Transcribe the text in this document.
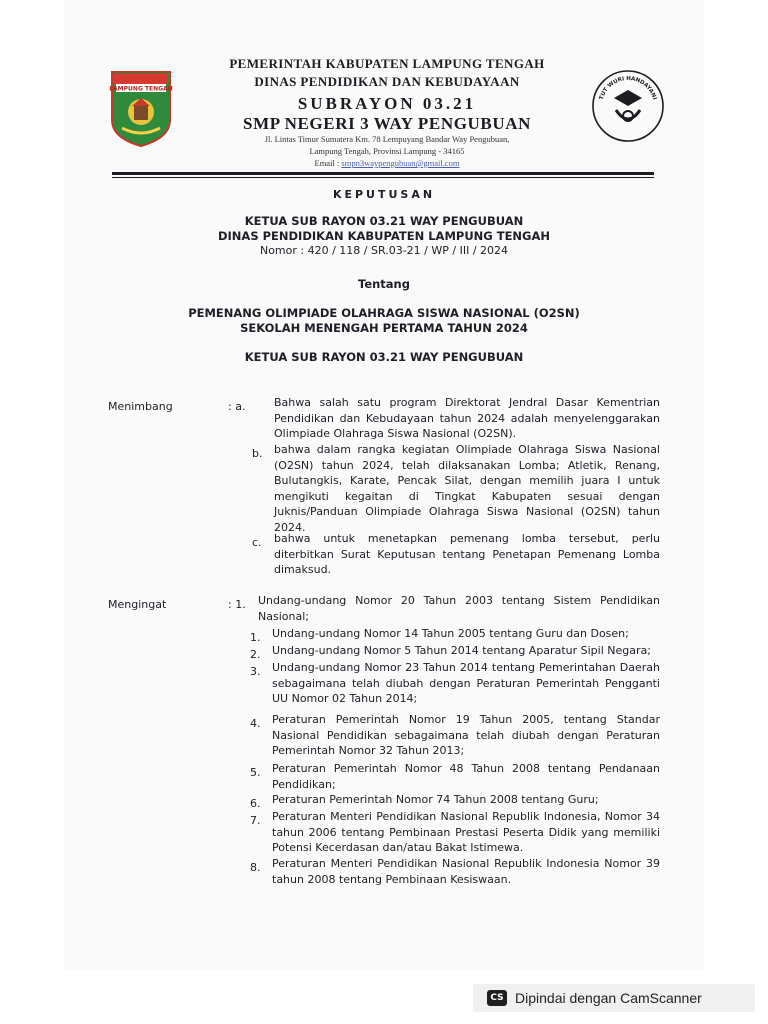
LAMPUNG TENGAH
TUT WURI HANDAYANI
PEMERINTAH KABUPATEN LAMPUNG TENGAH
DINAS PENDIDIKAN DAN KEBUDAYAAN
SUBRAYON 03.21
SMP NEGERI 3 WAY PENGUBUAN
Jl. Lintas Timur Sumatera Km. 78 Lempuyang Bandar Way Pengubuan,
Lampung Tengah, Provinsi Lampung - 34165
Email : smpn3waypengubuan@gmail.com
KEPUTUSAN
KETUA SUB RAYON 03.21 WAY PENGUBUAN
DINAS PENDIDIKAN KABUPATEN LAMPUNG TENGAH
Nomor : 420 / 118 / SR.03-21 / WP / III / 2024
Tentang
PEMENANG OLIMPIADE OLAHRAGA SISWA NASIONAL (O2SN)
SEKOLAH MENENGAH PERTAMA TAHUN 2024
KETUA SUB RAYON 03.21 WAY PENGUBUAN
Menimbang	: a.	Bahwa salah satu program Direktorat Jendral Dasar Kementrian Pendidikan dan Kebudayaan tahun 2024 adalah menyelenggarakan Olimpiade Olahraga Siswa Nasional (O2SN).
b. bahwa dalam rangka kegiatan Olimpiade Olahraga Siswa Nasional (O2SN) tahun 2024, telah dilaksanakan Lomba; Atletik, Renang, Bulutangkis, Karate, Pencak Silat, dengan memilih juara I untuk mengikuti kegaitan di Tingkat Kabupaten sesuai dengan Juknis/Panduan Olimpiade Olahraga Siswa Nasional (O2SN) tahun 2024.
c. bahwa untuk menetapkan pemenang lomba tersebut, perlu diterbitkan Surat Keputusan tentang Penetapan Pemenang Lomba dimaksud.
Mengingat	: 1. Undang-undang Nomor 20 Tahun 2003 tentang Sistem Pendidikan Nasional;
1. Undang-undang Nomor 14 Tahun 2005 tentang Guru dan Dosen;
2. Undang-undang Nomor 5 Tahun 2014 tentang Aparatur Sipil Negara;
3. Undang-undang Nomor 23 Tahun 2014 tentang Pemerintahan Daerah sebagaimana telah diubah dengan Peraturan Pemerintah Pengganti UU Nomor 02 Tahun 2014;
4. Peraturan Pemerintah Nomor 19 Tahun 2005, tentang Standar Nasional Pendidikan sebagaimana telah diubah dengan Peraturan Pemerintah Nomor 32 Tahun 2013;
5. Peraturan Pemerintah Nomor 48 Tahun 2008 tentang Pendanaan Pendidikan;
6. Peraturan Pemerintah Nomor 74 Tahun 2008 tentang Guru;
7. Peraturan Menteri Pendidikan Nasional Republik Indonesia, Nomor 34 tahun 2006 tentang Pembinaan Prestasi Peserta Didik yang memiliki Potensi Kecerdasan dan/atau Bakat Istimewa.
8. Peraturan Menteri Pendidikan Nasional Republik Indonesia Nomor 39 tahun 2008 tentang Pembinaan Kesiswaan.
CS Dipindai dengan CamScanner
